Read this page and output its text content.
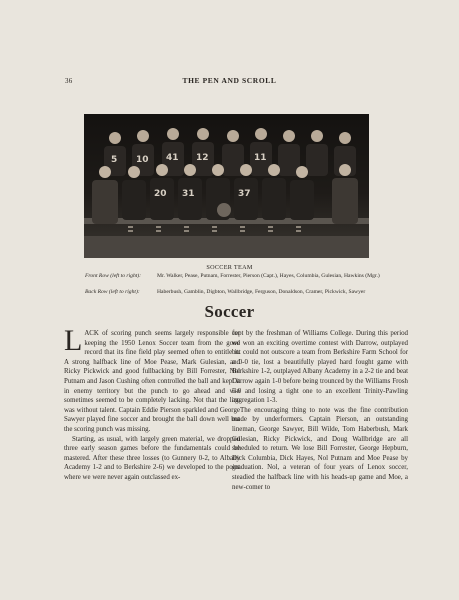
36	THE PEN AND SCROLL
5 10 41 12	11
20 31	37
SOCCER TEAM
Front Row (left to right):	Mr. Walker, Pease, Putnam, Forrester, Pierson (Capt.), Hayes, Columbia, Gulesian, Hawkins (Mgr.)
Back Row (left to right):	Haberbush, Gamblin, Digbton, Wallbridge, Ferguson, Donaldson, Cramer, Pickwick, Sawyer
Soccer

LACK of scoring punch seems largely responsible for keeping the 1950 Lenox Soccer team from the good record that its fine field play seemed often to entitle it. A strong halfback line of Moe Pease, Mark Gulesian, and Ricky Pickwick and good fullbacking by Bill Forrester, Nol Putnam and Jason Cushing often controlled the ball and kept it in enemy territory but the punch to go ahead and win sometimes seemed to be completely lacking. Not that the line was without talent. Captain Eddie Pierson sparkled and George Sawyer played fine soccer and brought the ball down well but the scoring punch was missing.

Starting, as usual, with largely green material, we dropped three early season games before the fundamentals could be mastered. After these three losses (to Gunnery 0-2, to Albany Academy 1-2 and to Berkshire 2-6) we developed to the point where we were never again outclassed ex-

cept by the freshman of Williams College. During this period we won an exciting overtime contest with Darrow, outplayed but could not outscore a team from Berkshire Farm School for a 0-0 tie, lost a beautifully played hard fought game with Berkshire 1-2, outplayed Albany Academy in a 2-2 tie and beat Darrow again 1-0 before being trounced by the Williams Frosh 5-0 and losing a tight one to an excellent Trinity-Pawling aggregation 1-3.

The encouraging thing to note was the fine contribution made by underformers. Captain Pierson, an outstanding lineman, George Sawyer, Bill Wilde, Tom Haberbush, Mark Gulesian, Ricky Pickwick, and Doug Wallbridge are all scheduled to return. We lose Bill Forrester, George Hepburn, Dick Columbia, Dick Hayes, Nol Putnam and Moe Pease by graduation. Nol, a veteran of four years of Lenox soccer, steadied the halfback line with his heads-up game and Moe, a new-comer to
